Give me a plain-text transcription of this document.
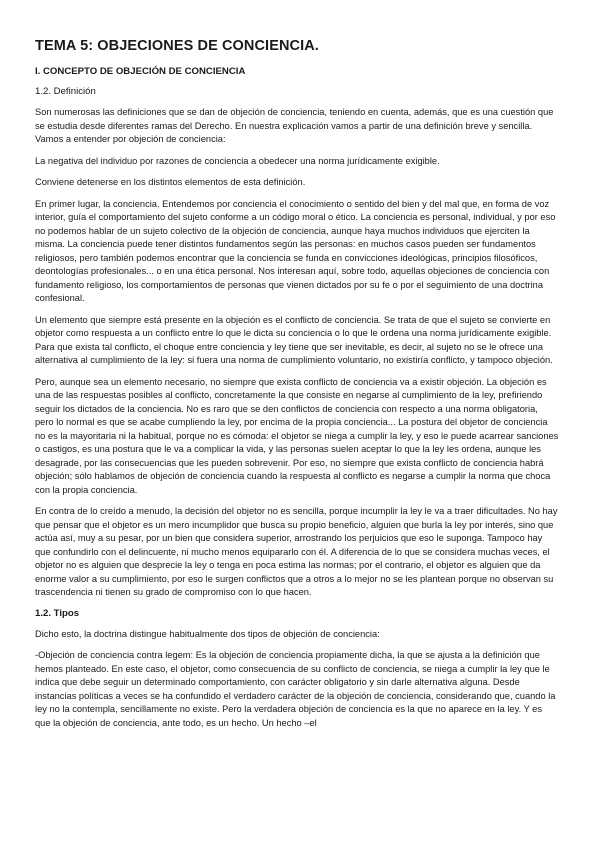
TEMA 5: OBJECIONES DE CONCIENCIA.
I. CONCEPTO DE OBJECIÓN DE CONCIENCIA
1.2. Definición

Son numerosas las definiciones que se dan de objeción de conciencia, teniendo en cuenta, además, que es una cuestión que se estudia desde diferentes ramas del Derecho. En nuestra explicación vamos a partir de una definición breve y sencilla. Vamos a entender por objeción de conciencia:

La negativa del individuo por razones de conciencia a obedecer una norma jurídicamente exigible.

Conviene detenerse en los distintos elementos de esta definición.

En primer lugar, la conciencia. Entendemos por conciencia el conocimiento o sentido del bien y del mal que, en forma de voz interior, guía el comportamiento del sujeto conforme a un código moral o ético. La conciencia es personal, individual, y por eso no podemos hablar de un sujeto colectivo de la objeción de conciencia, aunque haya muchos individuos que ejerciten la misma. La conciencia puede tener distintos fundamentos según las personas: en muchos casos pueden ser fundamentos religiosos, pero también podemos encontrar que la conciencia se funda en convicciones ideológicas, principios filosóficos, deontologías profesionales... o en una ética personal. Nos interesan aquí, sobre todo, aquellas objeciones de conciencia con fundamento religioso, los comportamientos de personas que vienen dictados por su fe o por el seguimiento de una doctrina confesional.

Un elemento que siempre está presente en la objeción es el conflicto de conciencia. Se trata de que el sujeto se convierte en objetor como respuesta a un conflicto entre lo que le dicta su conciencia o lo que le ordena una norma jurídicamente exigible. Para que exista tal conflicto, el choque entre conciencia y ley tiene que ser inevitable, es decir, al sujeto no se le ofrece una alternativa al cumplimiento de la ley: si fuera una norma de cumplimiento voluntario, no existiría conflicto, y tampoco objeción.

Pero, aunque sea un elemento necesario, no siempre que exista conflicto de conciencia va a existir objeción. La objeción es una de las respuestas posibles al conflicto, concretamente la que consiste en negarse al cumplimiento de la ley, prefiriendo seguir los dictados de la conciencia. No es raro que se den conflictos de conciencia con respecto a una norma obligatoria, pero lo normal es que se acabe cumpliendo la ley, por encima de la propia conciencia... La postura del objetor de conciencia no es la mayoritaria ni la habitual, porque no es cómoda: el objetor se niega a cumplir la ley, y eso le puede acarrear sanciones o castigos, es una postura que le va a complicar la vida, y las personas suelen aceptar lo que la ley les ordena, aunque les desagrade, por las consecuencias que les pueden sobrevenir. Por eso, no siempre que exista conflicto de conciencia habrá objeción; sólo hablamos de objeción de conciencia cuando la respuesta al conflicto es negarse a cumplir la norma que choca con la propia conciencia.

En contra de lo creído a menudo, la decisión del objetor no es sencilla, porque incumplir la ley le va a traer dificultades. No hay que pensar que el objetor es un mero incumplidor que busca su propio beneficio, alguien que burla la ley por interés, sino que actúa así, muy a su pesar, por un bien que considera superior, arrostrando los perjuicios que eso le suponga. Tampoco hay que confundirlo con el delincuente, ni mucho menos equipararlo con él. A diferencia de lo que se considera muchas veces, el objetor no es alguien que desprecie la ley o tenga en poca estima las normas; por el contrario, el objetor es alguien que da enorme valor a su cumplimiento, por eso le surgen conflictos que a otros a lo mejor no se les plantean porque no observan su trascendencia ni tienen su grado de compromiso con lo que hacen.

1.2. Tipos

Dicho esto, la doctrina distingue habitualmente dos tipos de objeción de conciencia:

-Objeción de conciencia contra legem: Es la objeción de conciencia propiamente dicha, la que se ajusta a la definición que hemos planteado. En este caso, el objetor, como consecuencia de su conflicto de conciencia, se niega a cumplir la ley que le indica que debe seguir un determinado comportamiento, con carácter obligatorio y sin darle alternativa alguna. Desde instancias políticas a veces se ha confundido el verdadero carácter de la objeción de conciencia, considerando que, cuando la ley no la contempla, sencillamente no existe. Pero la verdadera objeción de conciencia es la que no aparece en la ley. Y es que la objeción de conciencia, ante todo, es un hecho. Un hecho –el
